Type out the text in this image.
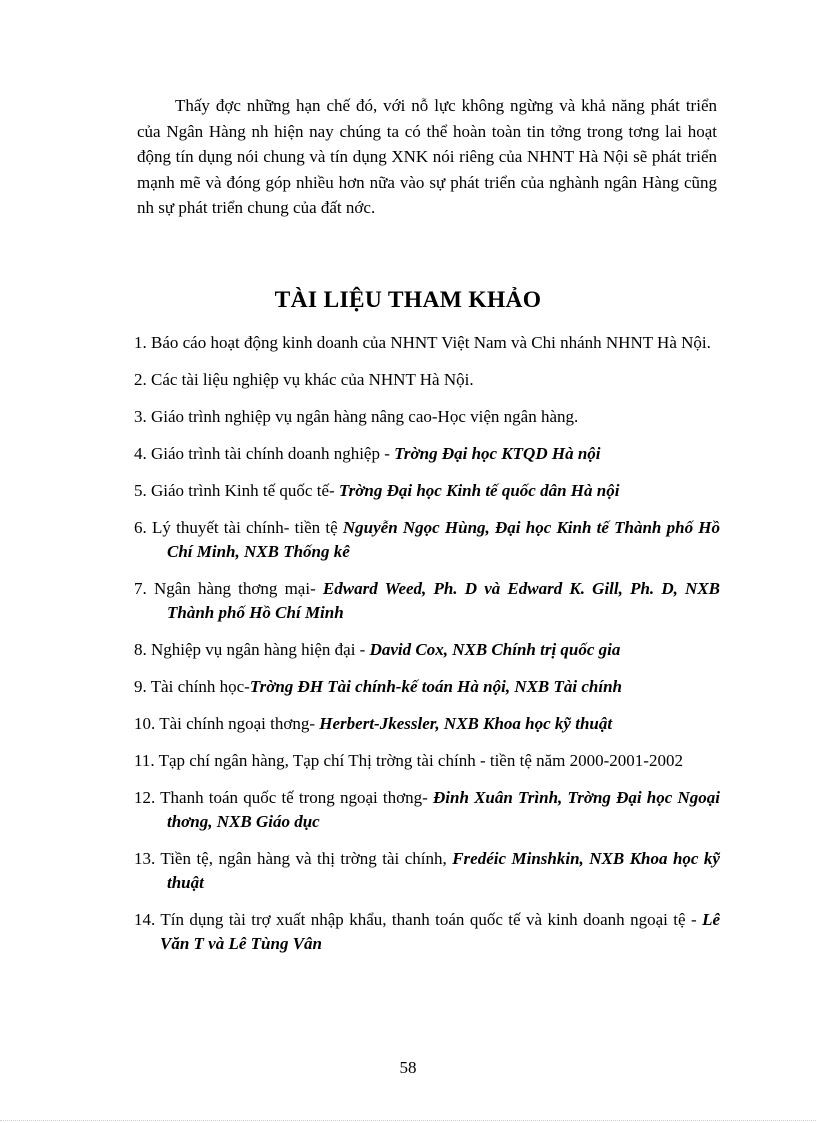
Thấy đợc những hạn chế đó, với nỗ lực không ngừng và khả năng phát triển của Ngân Hàng nh hiện nay chúng ta có thể hoàn toàn tin tởng trong tơng lai hoạt động tín dụng nói chung và tín dụng XNK nói riêng của NHNT Hà Nội sẽ phát triển mạnh mẽ và đóng góp nhiều hơn nữa vào sự phát triển của nghành ngân Hàng cũng nh sự phát triển chung của đất nớc.

TÀI LIỆU THAM KHẢO
1. Báo cáo hoạt động kinh doanh của NHNT Việt Nam và Chi nhánh NHNT Hà Nội.
2. Các tài liệu nghiệp vụ khác của NHNT Hà Nội.
3. Giáo trình nghiệp vụ ngân hàng nâng cao-Học viện ngân hàng.
4. Giáo trình tài chính doanh nghiệp - Trờng Đại học KTQD Hà nội
5. Giáo trình Kinh tế quốc tế- Trờng Đại học Kinh tế quốc dân Hà nội
6. Lý thuyết tài chính- tiền tệ Nguyễn Ngọc Hùng, Đại học Kinh tế Thành phố Hồ Chí Minh, NXB Thống kê
7. Ngân hàng thơng mại- Edward Weed, Ph. D và Edward K. Gill, Ph. D, NXB Thành phố Hồ Chí Minh
8. Nghiệp vụ ngân hàng hiện đại - David Cox, NXB Chính trị quốc gia
9. Tài chính học-Trờng ĐH Tài chính-kế toán Hà nội, NXB Tài chính
10. Tài chính ngoại thơng- Herbert-Jkessler, NXB Khoa học kỹ thuật
11. Tạp chí ngân hàng, Tạp chí Thị trờng tài chính - tiền tệ năm 2000-2001-2002
12. Thanh toán quốc tế trong ngoại thơng- Đinh Xuân Trình, Trờng Đại học Ngoại thơng, NXB Giáo dục
13. Tiền tệ, ngân hàng và thị trờng tài chính, Fredéic Minshkin, NXB Khoa học kỹ thuật
14. Tín dụng tài trợ xuất nhập khẩu, thanh toán quốc tế và kinh doanh ngoại tệ - Lê Văn T và Lê Tùng Vân
58
